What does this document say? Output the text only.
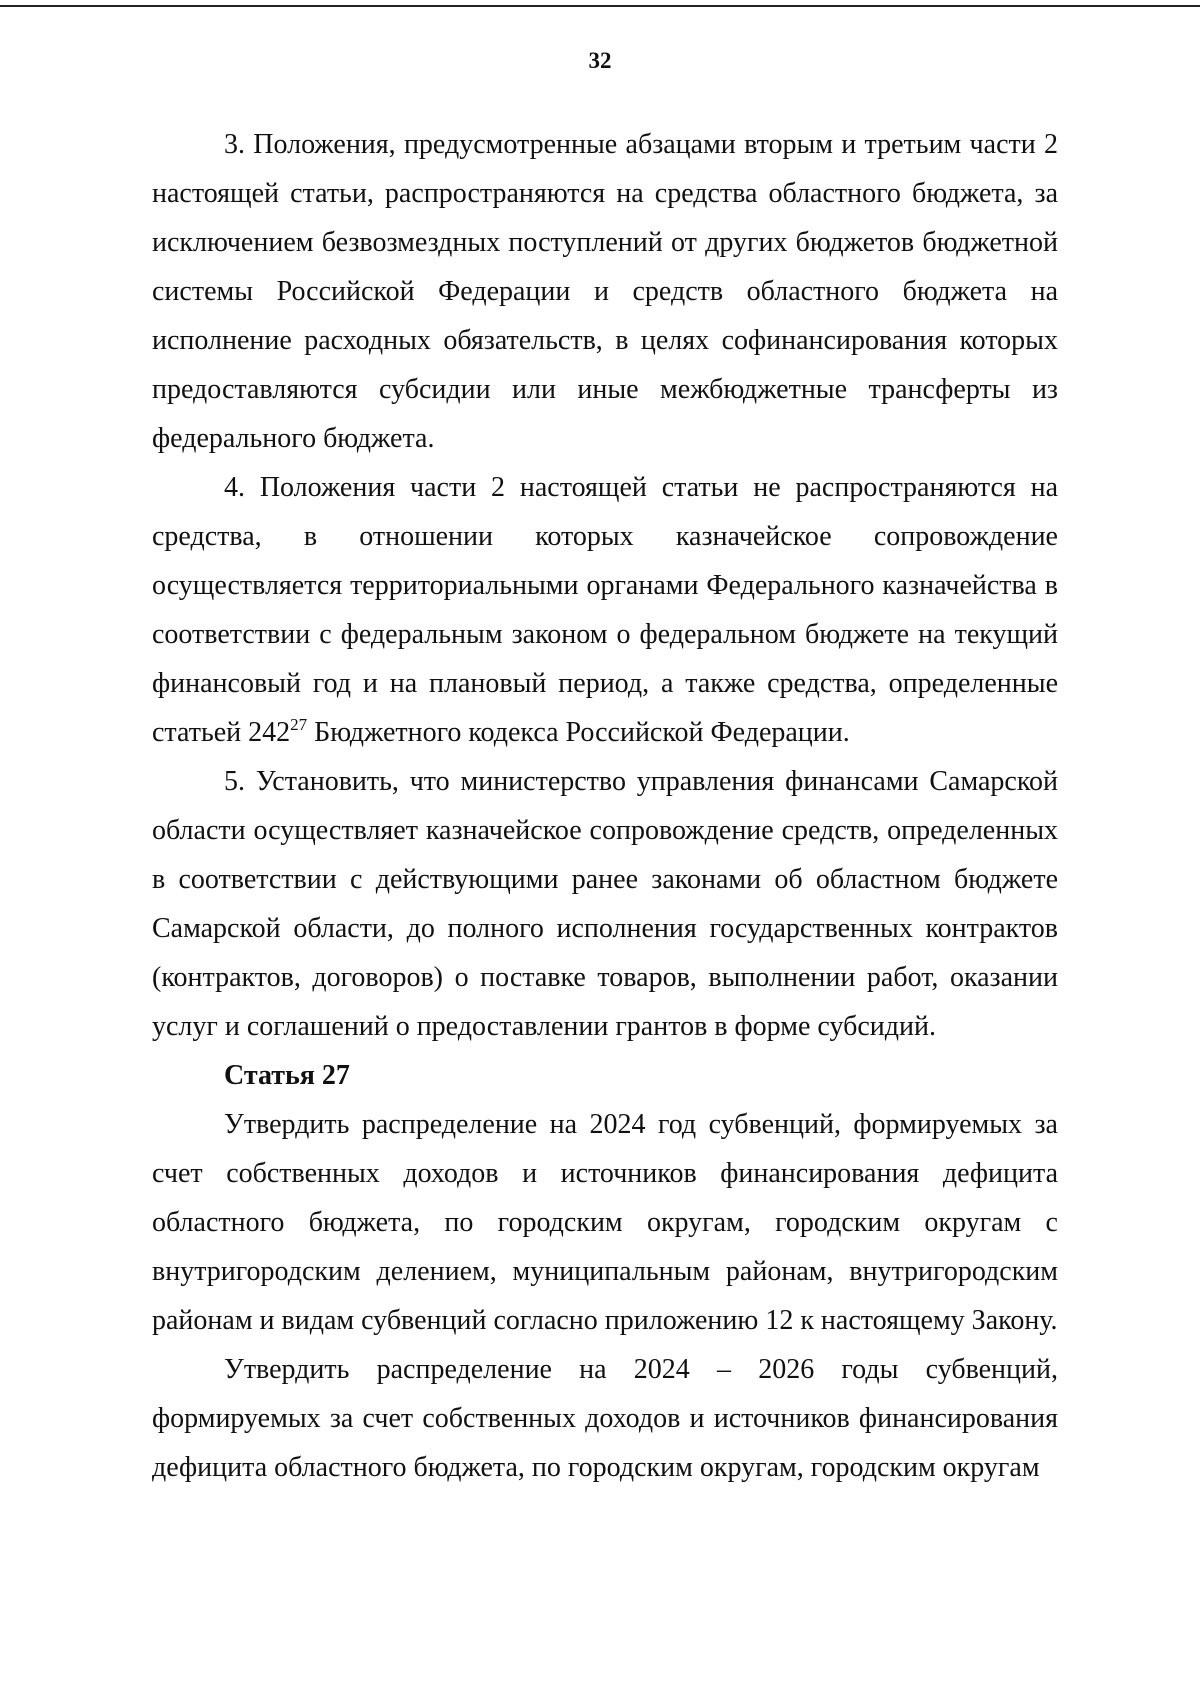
32

3. Положения, предусмотренные абзацами вторым и третьим части 2 настоящей статьи, распространяются на средства областного бюджета, за исключением безвозмездных поступлений от других бюджетов бюджетной системы Российской Федерации и средств областного бюджета на исполнение расходных обязательств, в целях софинансирования которых предоставляются субсидии или иные межбюджетные трансферты из федерального бюджета.

4. Положения части 2 настоящей статьи не распространяются на средства, в отношении которых казначейское сопровождение осуществляется территориальными органами Федерального казначейства в соответствии с федеральным законом о федеральном бюджете на текущий финансовый год и на плановый период, а также средства, определенные статьей $242^{27}$ Бюджетного кодекса Российской Федерации.

5. Установить, что министерство управления финансами Самарской области осуществляет казначейское сопровождение средств, определенных в соответствии с действующими ранее законами об областном бюджете Самарской области, до полного исполнения государственных контрактов (контрактов, договоров) о поставке товаров, выполнении работ, оказании услуг и соглашений о предоставлении грантов в форме субсидий.

Статья 27

Утвердить распределение на 2024 год субвенций, формируемых за счет собственных доходов и источников финансирования дефицита областного бюджета, по городским округам, городским округам с внутригородским делением, муниципальным районам, внутригородским районам и видам субвенций согласно приложению 12 к настоящему Закону.

Утвердить распределение на 2024 – 2026 годы субвенций, формируемых за счет собственных доходов и источников финансирования дефицита областного бюджета, по городским округам, городским округам
